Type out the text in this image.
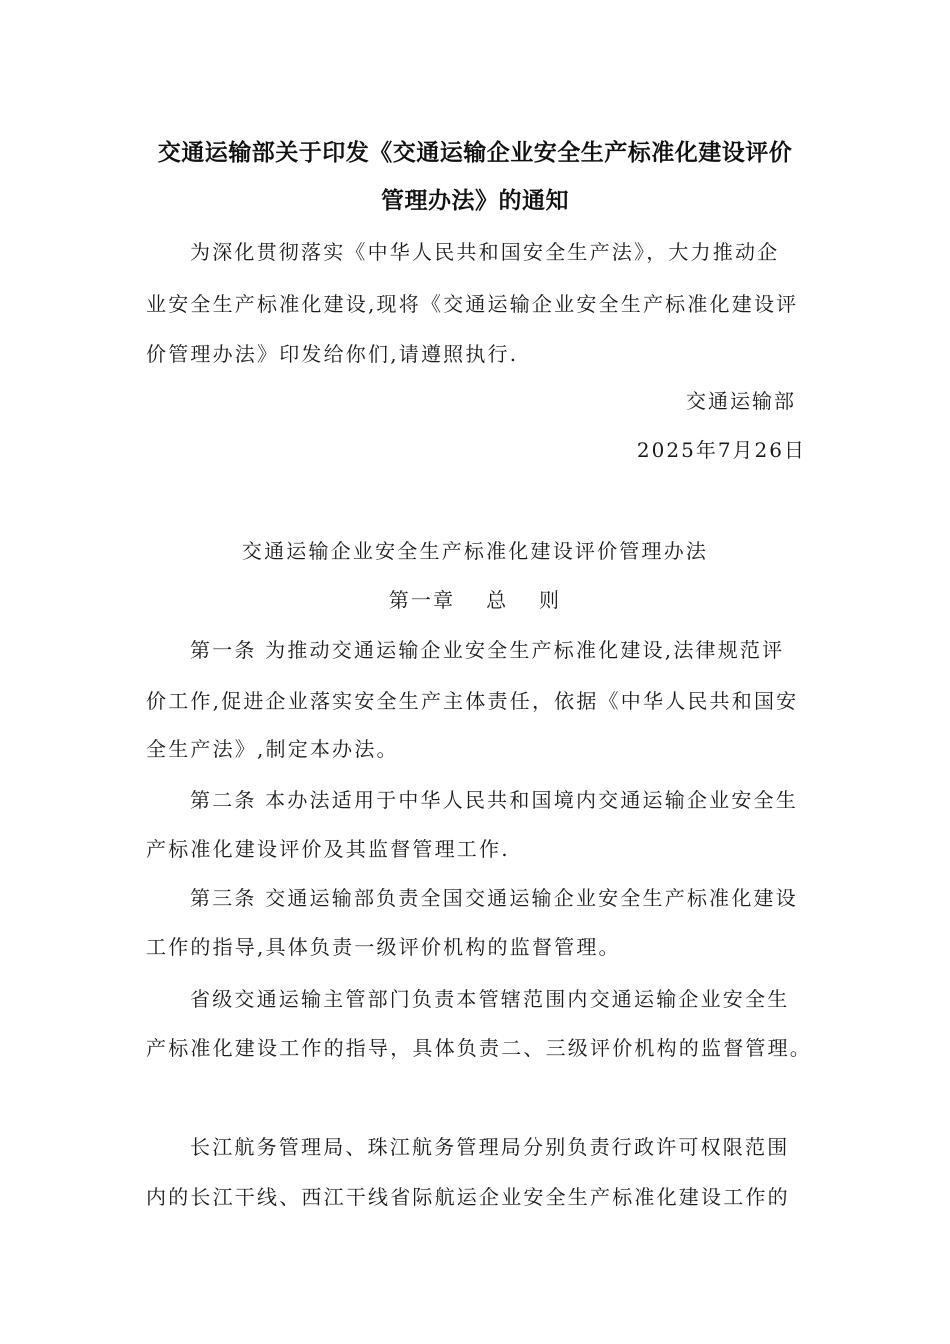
交通运输部关于印发《交通运输企业安全生产标准化建设评价
管理办法》的通知
为深化贯彻落实《中华人民共和国安全生产法》，大力推动企
业安全生产标准化建设,现将《交通运输企业安全生产标准化建设评
价管理办法》印发给你们,请遵照执行.
交通运输部
2025年7月26日
交通运输企业安全生产标准化建设评价管理办法
第一章　 总　 则
第一条 为推动交通运输企业安全生产标准化建设,法律规范评
价工作,促进企业落实安全生产主体责任，依据《中华人民共和国安
全生产法》,制定本办法。
第二条 本办法适用于中华人民共和国境内交通运输企业安全生
产标准化建设评价及其监督管理工作.
第三条 交通运输部负责全国交通运输企业安全生产标准化建设
工作的指导,具体负责一级评价机构的监督管理。
省级交通运输主管部门负责本管辖范围内交通运输企业安全生
产标准化建设工作的指导，具体负责二、三级评价机构的监督管理。
长江航务管理局、珠江航务管理局分别负责行政许可权限范围
内的长江干线、西江干线省际航运企业安全生产标准化建设工作的
